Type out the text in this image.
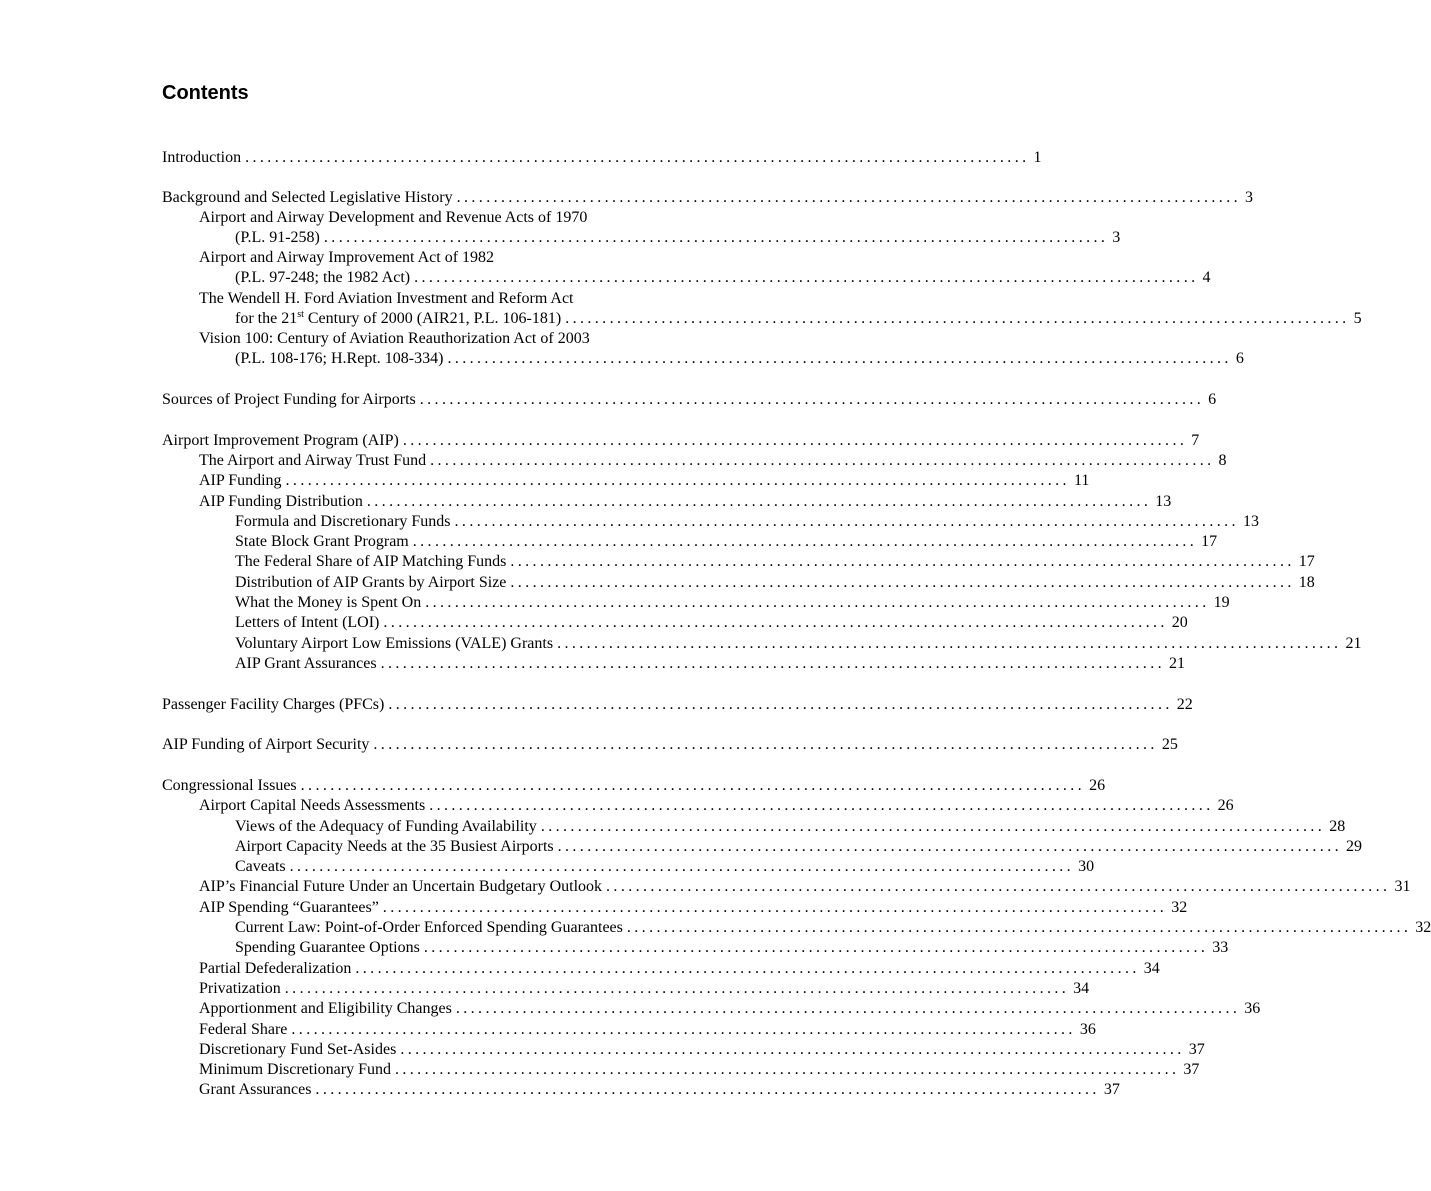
Contents
Introduction .......................................................................................................... 1
Background and Selected Legislative History .......................................................................................................... 3
Airport and Airway Development and Revenue Acts of 1970
(P.L. 91-258) .......................................................................................................... 3
Airport and Airway Improvement Act of 1982
(P.L. 97-248; the 1982 Act) .......................................................................................................... 4
The Wendell H. Ford Aviation Investment and Reform Act
for the 21st Century of 2000 (AIR21, P.L. 106-181) .......................................................................................................... 5
Vision 100: Century of Aviation Reauthorization Act of 2003
(P.L. 108-176; H.Rept. 108-334) .......................................................................................................... 6
Sources of Project Funding for Airports .......................................................................................................... 6
Airport Improvement Program (AIP) .......................................................................................................... 7
The Airport and Airway Trust Fund .......................................................................................................... 8
AIP Funding .......................................................................................................... 11
AIP Funding Distribution .......................................................................................................... 13
Formula and Discretionary Funds .......................................................................................................... 13
State Block Grant Program .......................................................................................................... 17
The Federal Share of AIP Matching Funds .......................................................................................................... 17
Distribution of AIP Grants by Airport Size .......................................................................................................... 18
What the Money is Spent On .......................................................................................................... 19
Letters of Intent (LOI) .......................................................................................................... 20
Voluntary Airport Low Emissions (VALE) Grants .......................................................................................................... 21
AIP Grant Assurances .......................................................................................................... 21
Passenger Facility Charges (PFCs) .......................................................................................................... 22
AIP Funding of Airport Security .......................................................................................................... 25
Congressional Issues .......................................................................................................... 26
Airport Capital Needs Assessments .......................................................................................................... 26
Views of the Adequacy of Funding Availability .......................................................................................................... 28
Airport Capacity Needs at the 35 Busiest Airports .......................................................................................................... 29
Caveats .......................................................................................................... 30
AIP’s Financial Future Under an Uncertain Budgetary Outlook .......................................................................................................... 31
AIP Spending “Guarantees” .......................................................................................................... 32
Current Law: Point-of-Order Enforced Spending Guarantees .......................................................................................................... 32
Spending Guarantee Options .......................................................................................................... 33
Partial Defederalization .......................................................................................................... 34
Privatization .......................................................................................................... 34
Apportionment and Eligibility Changes .......................................................................................................... 36
Federal Share .......................................................................................................... 36
Discretionary Fund Set-Asides .......................................................................................................... 37
Minimum Discretionary Fund .......................................................................................................... 37
Grant Assurances .......................................................................................................... 37
